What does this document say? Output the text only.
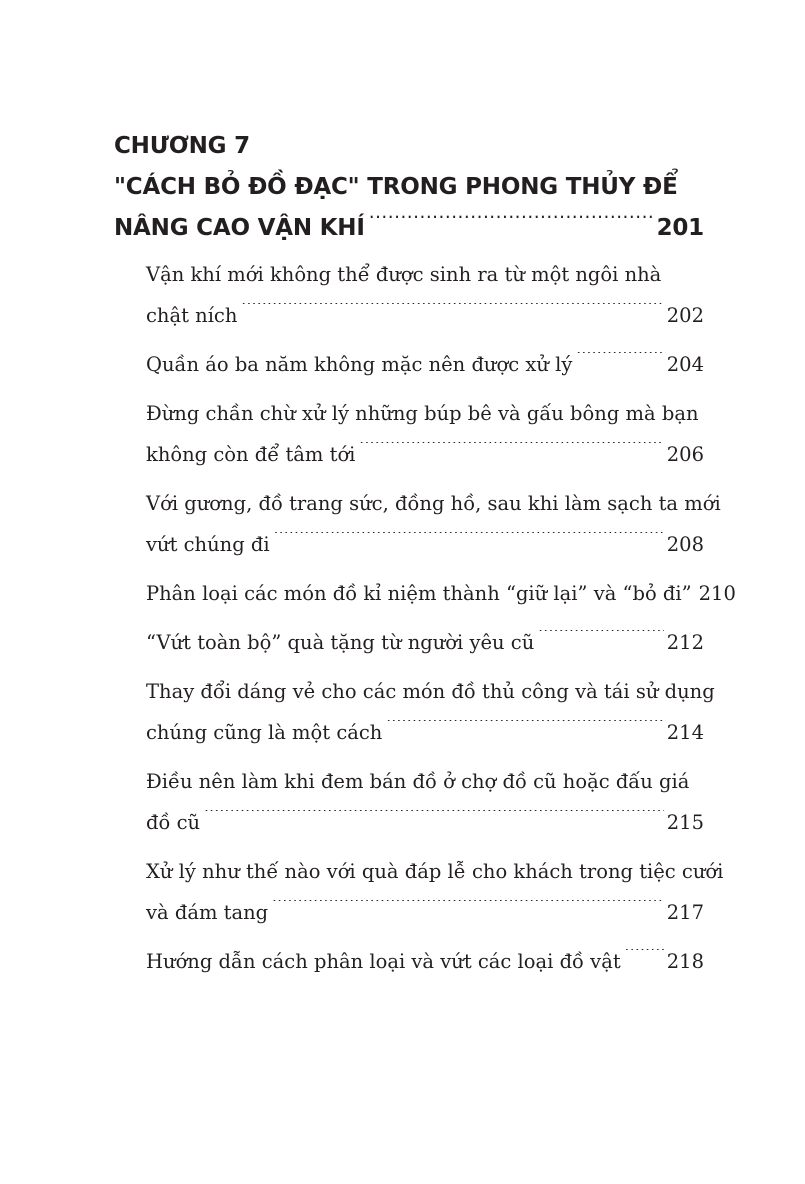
CHƯƠNG 7
"CÁCH BỎ ĐỒ ĐẠC" TRONG PHONG THỦY ĐỂ
NÂNG CAO VẬN KHÍ .....	201
Vận khí mới không thể được sinh ra từ một ngôi nhà
chật ních .....	202
Quần áo ba năm không mặc nên được xử lý .....	204
Đừng chần chừ xử lý những búp bê và gấu bông mà bạn
không còn để tâm tới .....	206
Với gương, đồ trang sức, đồng hồ, sau khi làm sạch ta mới
vứt chúng đi .....	208
Phân loại các món đồ kỉ niệm thành “giữ lại” và “bỏ đi” 210
“Vứt toàn bộ” quà tặng từ người yêu cũ .....	212
Thay đổi dáng vẻ cho các món đồ thủ công và tái sử dụng
chúng cũng là một cách .....	214
Điều nên làm khi đem bán đồ ở chợ đồ cũ hoặc đấu giá
đồ cũ .....	215
Xử lý như thế nào với quà đáp lễ cho khách trong tiệc cưới
và đám tang .....	217
Hướng dẫn cách phân loại và vứt các loại đồ vật ..... 218
